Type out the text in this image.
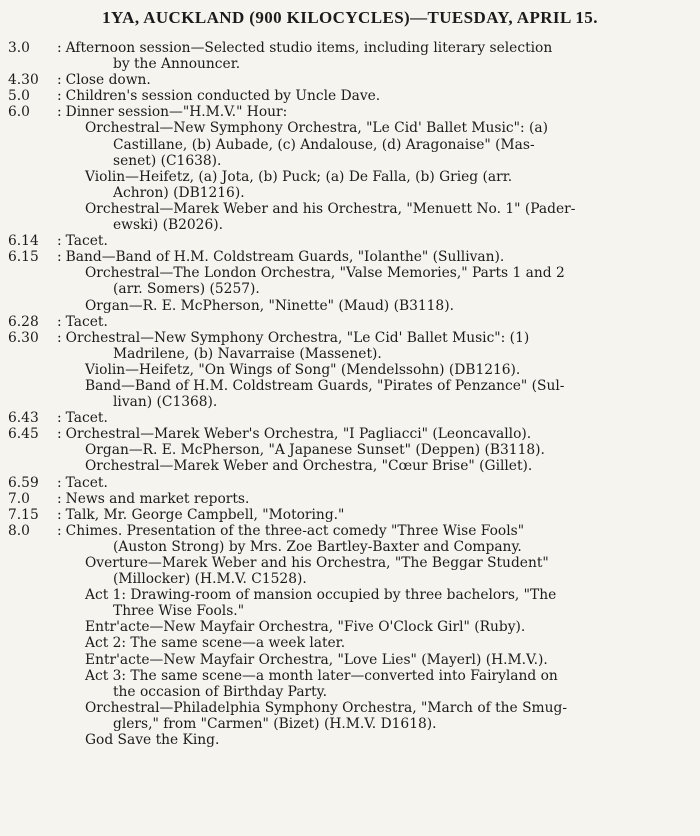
1YA, AUCKLAND (900 KILOCYCLES)—TUESDAY, APRIL 15.
3.0	: Afternoon session—Selected studio items, including literary selection
by the Announcer.
4.30	: Close down.
5.0	: Children's session conducted by Uncle Dave.
6.0	: Dinner session—"H.M.V." Hour:
Orchestral—New Symphony Orchestra, "Le Cid' Ballet Music": (a)
Castillane, (b) Aubade, (c) Andalouse, (d) Aragonaise" (Mas-
senet) (C1638).
Violin—Heifetz, (a) Jota, (b) Puck; (a) De Falla, (b) Grieg (arr.
Achron) (DB1216).
Orchestral—Marek Weber and his Orchestra, "Menuett No. 1" (Pader-
ewski) (B2026).
6.14	: Tacet.
6.15	: Band—Band of H.M. Coldstream Guards, "Iolanthe" (Sullivan).
Orchestral—The London Orchestra, "Valse Memories," Parts 1 and 2
(arr. Somers) (5257).
Organ—R. E. McPherson, "Ninette" (Maud) (B3118).
6.28	: Tacet.
6.30	: Orchestral—New Symphony Orchestra, "Le Cid' Ballet Music": (1)
Madrilene, (b) Navarraise (Massenet).
Violin—Heifetz, "On Wings of Song" (Mendelssohn) (DB1216).
Band—Band of H.M. Coldstream Guards, "Pirates of Penzance" (Sul-
livan) (C1368).
6.43	: Tacet.
6.45	: Orchestral—Marek Weber's Orchestra, "I Pagliacci" (Leoncavallo).
Organ—R. E. McPherson, "A Japanese Sunset" (Deppen) (B3118).
Orchestral—Marek Weber and Orchestra, "Cœur Brise" (Gillet).
6.59	: Tacet.
7.0	: News and market reports.
7.15	: Talk, Mr. George Campbell, "Motoring."
8.0	: Chimes. Presentation of the three-act comedy "Three Wise Fools"
(Auston Strong) by Mrs. Zoe Bartley-Baxter and Company.
Overture—Marek Weber and his Orchestra, "The Beggar Student"
(Millocker) (H.M.V. C1528).
Act 1: Drawing-room of mansion occupied by three bachelors, "The
Three Wise Fools."
Entr'acte—New Mayfair Orchestra, "Five O'Clock Girl" (Ruby).
Act 2: The same scene—a week later.
Entr'acte—New Mayfair Orchestra, "Love Lies" (Mayerl) (H.M.V.).
Act 3: The same scene—a month later—converted into Fairyland on
the occasion of Birthday Party.
Orchestral—Philadelphia Symphony Orchestra, "March of the Smug-
glers," from "Carmen" (Bizet) (H.M.V. D1618).
God Save the King.
